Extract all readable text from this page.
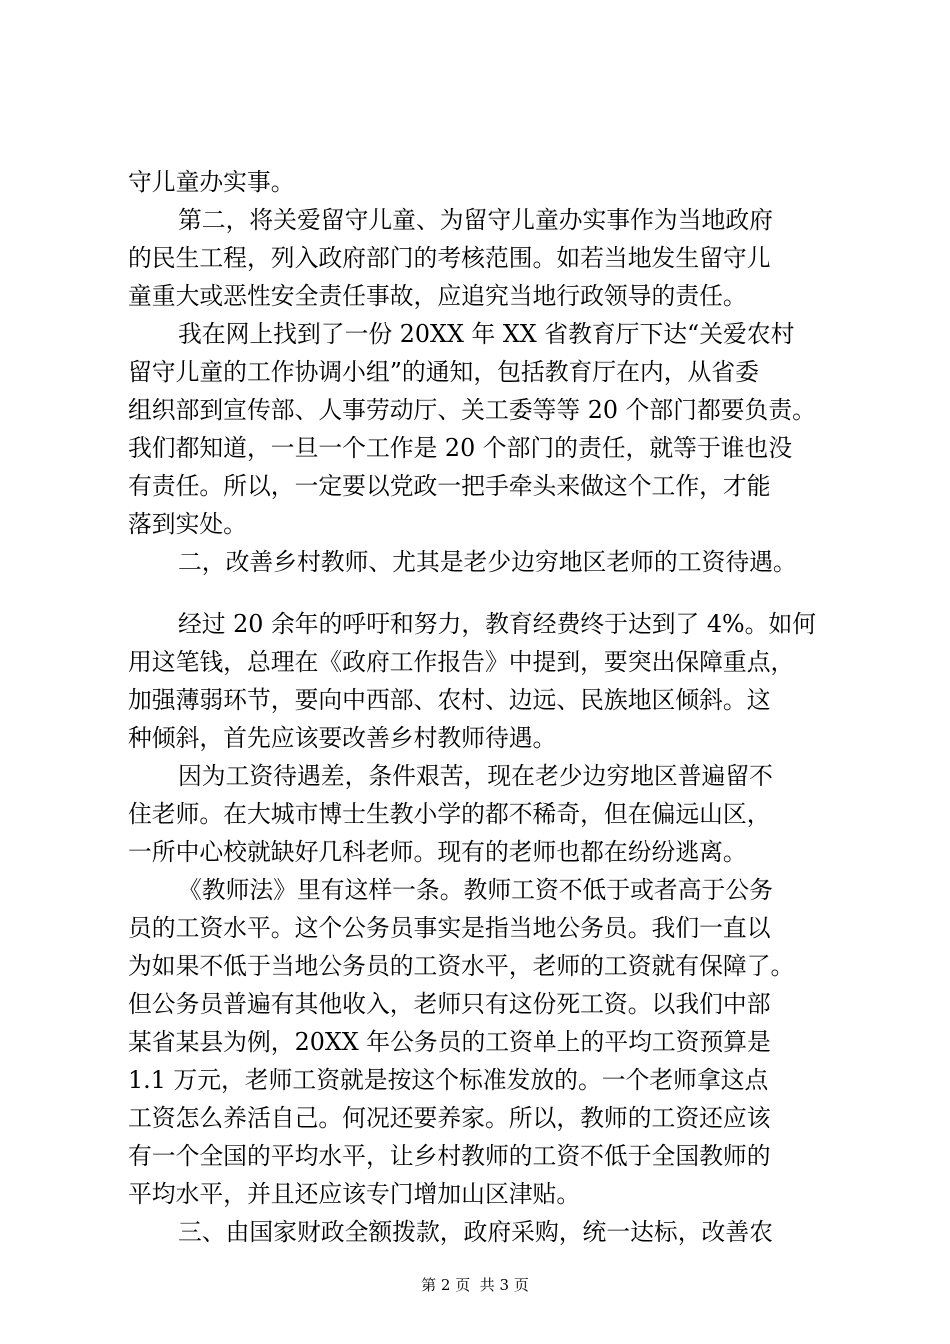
守儿童办实事。
第二，将关爱留守儿童、为留守儿童办实事作为当地政府
的民生工程，列入政府部门的考核范围。如若当地发生留守儿
童重大或恶性安全责任事故，应追究当地行政领导的责任。
我在网上找到了一份 20XX 年 XX 省教育厅下达“关爱农村
留守儿童的工作协调小组”的通知，包括教育厅在内，从省委
组织部到宣传部、人事劳动厅、关工委等等 20 个部门都要负责。
我们都知道，一旦一个工作是 20 个部门的责任，就等于谁也没
有责任。所以，一定要以党政一把手牵头来做这个工作，才能
落到实处。
二，改善乡村教师、尤其是老少边穷地区老师的工资待遇。
经过 20 余年的呼吁和努力，教育经费终于达到了 4%。如何
用这笔钱，总理在《政府工作报告》中提到，要突出保障重点，
加强薄弱环节，要向中西部、农村、边远、民族地区倾斜。这
种倾斜，首先应该要改善乡村教师待遇。
因为工资待遇差，条件艰苦，现在老少边穷地区普遍留不
住老师。在大城市博士生教小学的都不稀奇，但在偏远山区，
一所中心校就缺好几科老师。现有的老师也都在纷纷逃离。
《教师法》里有这样一条。教师工资不低于或者高于公务
员的工资水平。这个公务员事实是指当地公务员。我们一直以
为如果不低于当地公务员的工资水平，老师的工资就有保障了。
但公务员普遍有其他收入，老师只有这份死工资。以我们中部
某省某县为例，20XX 年公务员的工资单上的平均工资预算是
1.1 万元，老师工资就是按这个标准发放的。一个老师拿这点
工资怎么养活自己。何况还要养家。所以，教师的工资还应该
有一个全国的平均水平，让乡村教师的工资不低于全国教师的
平均水平，并且还应该专门增加山区津贴。
三、由国家财政全额拨款，政府采购，统一达标，改善农
第 2 页  共 3 页
